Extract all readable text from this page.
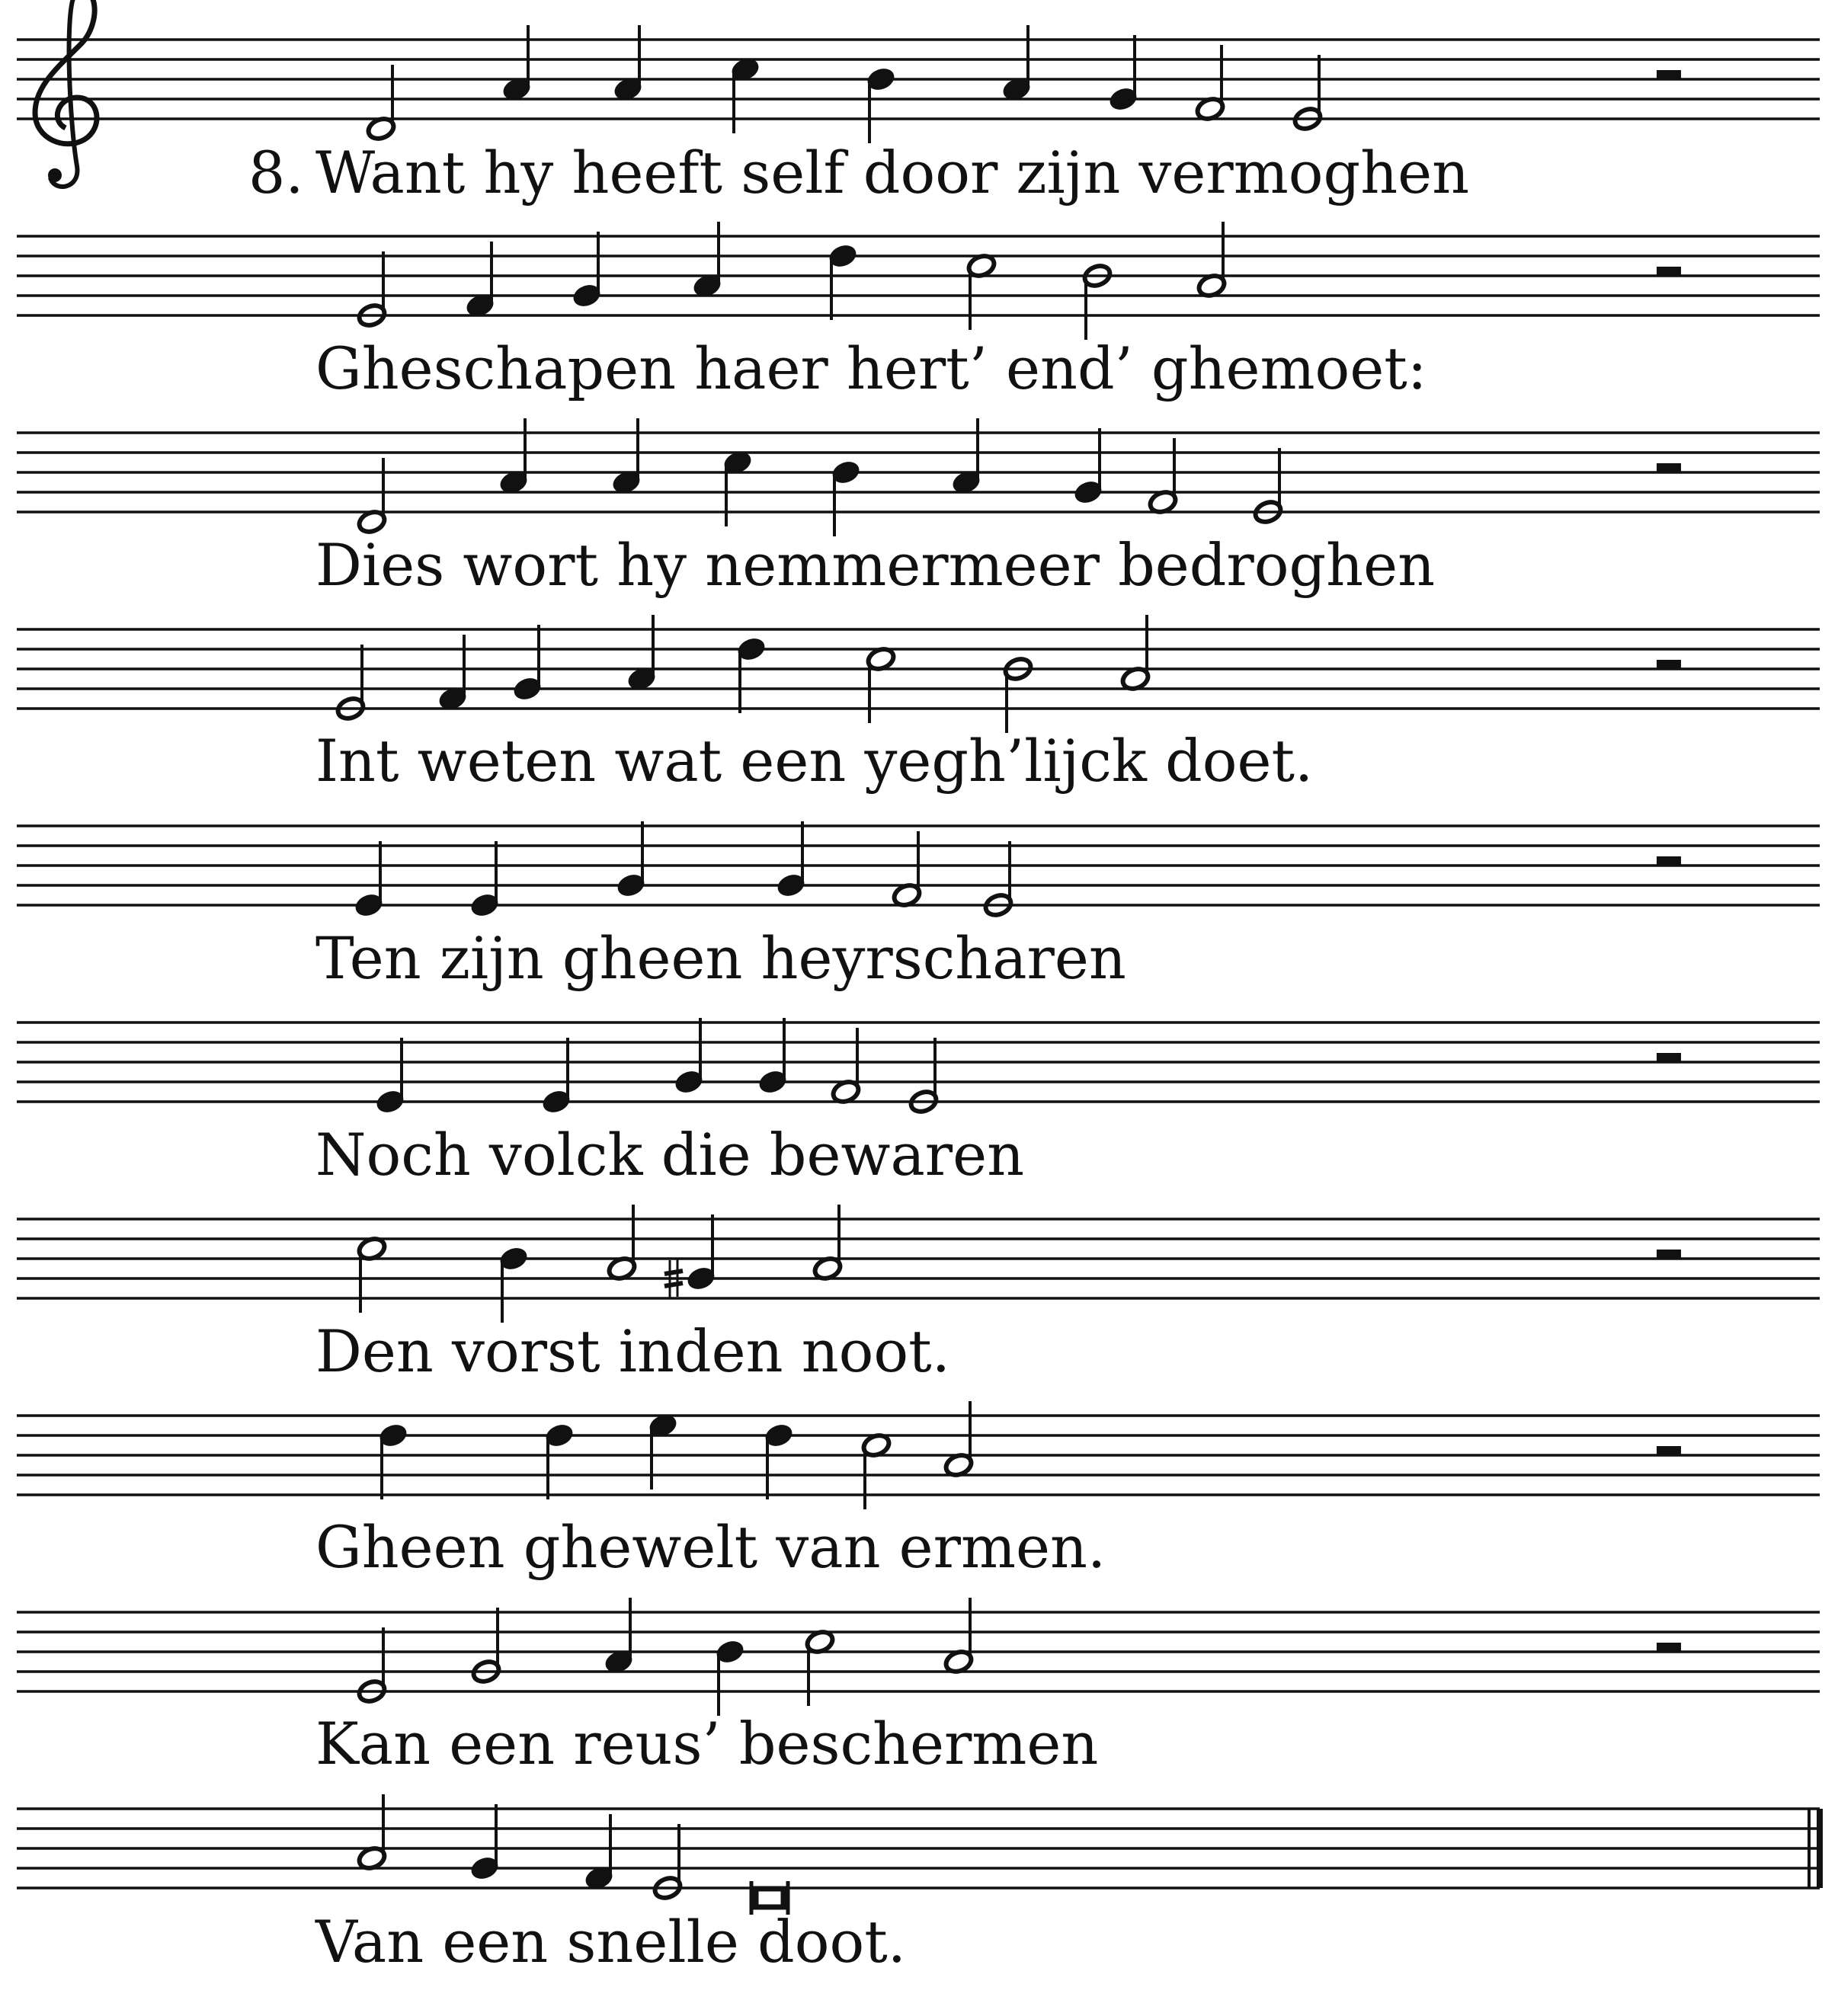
8. Want hy heeft self door zijn vermoghen
Gheschapen haer hert’ end’ ghemoet:
Dies wort hy nemmermeer bedroghen
Int weten wat een yegh’lijck doet.
Ten zijn gheen heyrscharen
Noch volck die bewaren
Den vorst inden noot.
Gheen ghewelt van ermen.
Kan een reus’ beschermen
Van een snelle doot.
